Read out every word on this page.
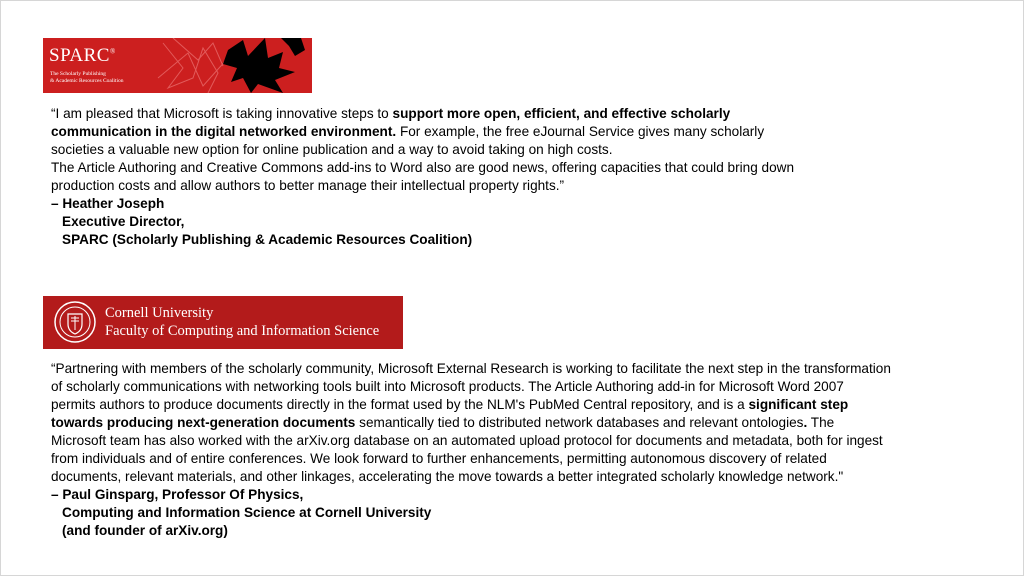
SPARC®
The Scholarly Publishing
& Academic Resources Coalition
“I am pleased that Microsoft is taking innovative steps to support more open, efficient, and effective scholarly
communication in the digital networked environment. For example, the free eJournal Service gives many scholarly
societies a valuable new option for online publication and a way to avoid taking on high costs.
The Article Authoring and Creative Commons add-ins to Word also are good news, offering capacities that could bring down
production costs and allow authors to better manage their intellectual property rights.”
– Heather Joseph
Executive Director,
SPARC (Scholarly Publishing & Academic Resources Coalition)
Cornell University
Faculty of Computing and Information Science
“Partnering with members of the scholarly community, Microsoft External Research is working to facilitate the next step in the transformation
of scholarly communications with networking tools built into Microsoft products. The Article Authoring add-in for Microsoft Word 2007
permits authors to produce documents directly in the format used by the NLM's PubMed Central repository, and is a significant step
towards producing next-generation documents semantically tied to distributed network databases and relevant ontologies. The
Microsoft team has also worked with the arXiv.org database on an automated upload protocol for documents and metadata, both for ingest
from individuals and of entire conferences. We look forward to further enhancements, permitting autonomous discovery of related
documents, relevant materials, and other linkages, accelerating the move towards a better integrated scholarly knowledge network."
– Paul Ginsparg, Professor Of Physics,
Computing and Information Science at Cornell University
(and founder of arXiv.org)
